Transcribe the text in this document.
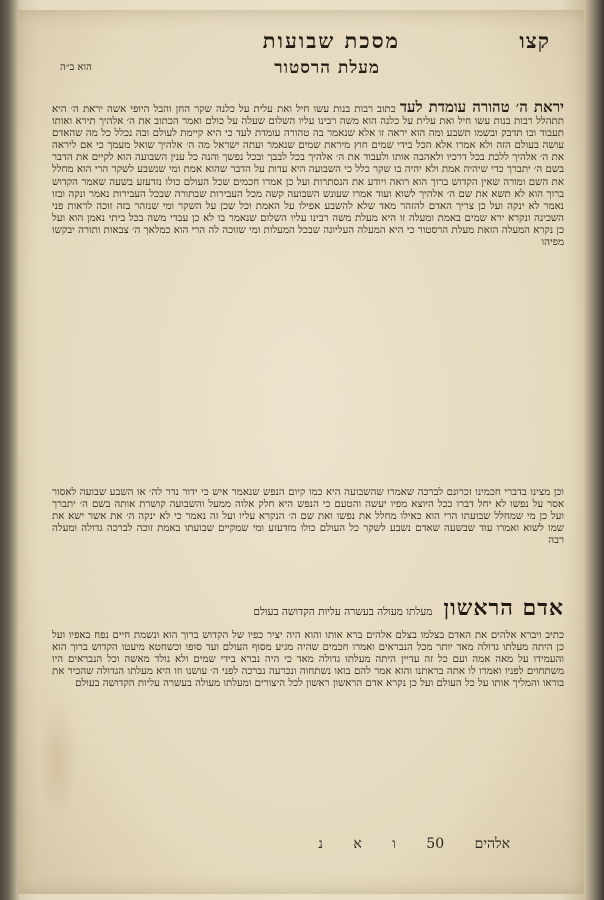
קצו
מסכת שבועות
מעלת הרסטור
הוא ב״ה
יראת ה׳ טהורה עומדת לעד כתוב רבות בנות עשו חיל ואת עלית על כלנה שקר החן והבל היופי אשה יראת ה׳ היא תתהלל רבות בנות עשו חיל ואת עלית על כלנה הוא משה רבינו עליו השלום שעלה על כולם ואמר הכתוב את ה׳ אלהיך תירא ואותו תעבוד ובו תדבק ובשמו תשבע ומה הוא יראה זו אלא שנאמר בה טהורה עומדת לעד כי היא קיימת לעולם ובה נכלל כל מה שהאדם עושה בעולם הזה ולא אמרו אלא הכל בידי שמים חוץ מיראת שמים שנאמר ועתה ישראל מה ה׳ אלהיך שואל מעמך כי אם ליראה את ה׳ אלהיך ללכת בכל דרכיו ולאהבה אותו ולעבוד את ה׳ אלהיך בכל לבבך ובכל נפשך והנה כל ענין השבועה הוא לקיים את הדבר בשם ה׳ יתברך כדי שיהיה אמת ולא יהיה בו שקר כלל כי השבועה היא עדות על הדבר שהוא אמת ומי שנשבע לשקר הרי הוא מחלל את השם ומורה שאין הקדוש ברוך הוא רואה ויודע את הנסתרות ועל כן אמרו חכמים שכל העולם כולו נזדעזע בשעה שאמר הקדוש ברוך הוא לא תשא את שם ה׳ אלהיך לשוא ועוד אמרו שעונש השבועה קשה מכל העבירות שבתורה שבכל העבירות נאמר ונקה ובזו נאמר לא ינקה ועל כן צריך האדם להזהר מאד שלא להשבע אפילו על האמת וכל שכן על השקר ומי שנזהר בזה זוכה לראות פני השכינה ונקרא ירא שמים באמת ומעלה זו היא מעלת משה רבינו עליו השלום שנאמר בו לא כן עבדי משה בכל ביתי נאמן הוא ועל כן נקרא המעלה הזאת מעלת הרסטור כי היא המעלה העליונה שבכל המעלות ומי שזוכה לה הרי הוא כמלאך ה׳ צבאות ותורה יבקשו מפיהו
וכן מצינו בדברי חכמינו זכרונם לברכה שאמרו שהשבועה היא כמו קיום הנפש שנאמר איש כי ידור נדר לה׳ או השבע שבועה לאסור אסר על נפשו לא יחל דברו ככל היוצא מפיו יעשה והטעם כי הנפש היא חלק אלוה ממעל והשבועה קושרת אותה בשם ה׳ יתברך ועל כן מי שמחלל שבועתו הרי הוא כאילו מחלל את נפשו ואת שם ה׳ הנקרא עליו ועל זה נאמר כי לא ינקה ה׳ את אשר ישא את שמו לשוא ואמרו עוד שבשעה שאדם נשבע לשקר כל העולם כולו מזדעזע ומי שמקיים שבועתו באמת זוכה לברכה גדולה ומעלה רבה
אדם הראשון מעלתו מעולה בעשרה עליות הקדושה בעולם
כתיב ויברא אלהים את האדם בצלמו בצלם אלהים ברא אותו והוא היה יציר כפיו של הקדוש ברוך הוא ונשמת חיים נפח באפיו ועל כן היתה מעלתו גדולה מאד יותר מכל הנבראים ואמרו חכמים שהיה מגיע מסוף העולם ועד סופו וכשחטא מיעטו הקדוש ברוך הוא והעמידו על מאה אמה ועם כל זה עדיין היתה מעלתו גדולה מאד כי היה נברא בידי שמים ולא נולד מאשה וכל הנבראים היו משתחוים לפניו ואמרו לו אתה בראתנו והוא אמר להם בואו נשתחוה ונכרעה נברכה לפני ה׳ עושנו וזו היא מעלתו הגדולה שהכיר את בוראו והמליך אותו על כל העולם ועל כן נקרא אדם הראשון ראשון לכל היצורים ומעלתו מעולה בעשרה עליות הקדושה בעולם
אלהים 50 ו א נ
